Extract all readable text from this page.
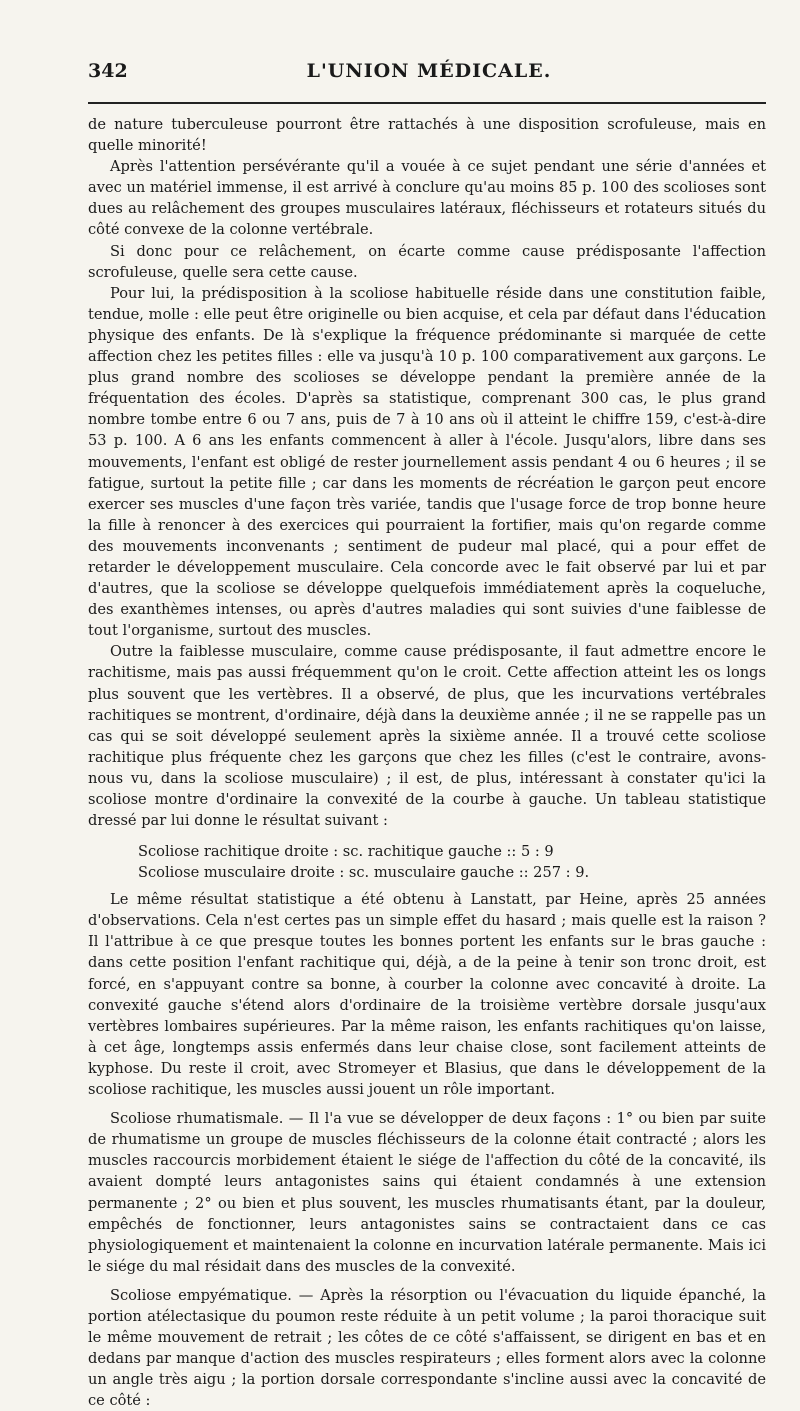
342	L'UNION MÉDICALE.

de nature tuberculeuse pourront être rattachés à une disposition scrofuleuse, mais en quelle minorité!

Après l'attention persévérante qu'il a vouée à ce sujet pendant une série d'années et avec un matériel immense, il est arrivé à conclure qu'au moins 85 p. 100 des scolioses sont dues au relâchement des groupes musculaires latéraux, fléchisseurs et rotateurs situés du côté convexe de la colonne vertébrale.

Si donc pour ce relâchement, on écarte comme cause prédisposante l'affection scrofuleuse, quelle sera cette cause.

Pour lui, la prédisposition à la scoliose habituelle réside dans une constitution faible, tendue, molle : elle peut être originelle ou bien acquise, et cela par défaut dans l'éducation physique des enfants. De là s'explique la fréquence prédominante si marquée de cette affection chez les petites filles : elle va jusqu'à 10 p. 100 comparativement aux garçons. Le plus grand nombre des scolioses se développe pendant la première année de la fréquentation des écoles. D'après sa statistique, comprenant 300 cas, le plus grand nombre tombe entre 6 ou 7 ans, puis de 7 à 10 ans où il atteint le chiffre 159, c'est-à-dire 53 p. 100. A 6 ans les enfants commencent à aller à l'école. Jusqu'alors, libre dans ses mouvements, l'enfant est obligé de rester journellement assis pendant 4 ou 6 heures ; il se fatigue, surtout la petite fille ; car dans les moments de récréation le garçon peut encore exercer ses muscles d'une façon très variée, tandis que l'usage force de trop bonne heure la fille à renoncer à des exercices qui pourraient la fortifier, mais qu'on regarde comme des mouvements inconvenants ; sentiment de pudeur mal placé, qui a pour effet de retarder le développement musculaire. Cela concorde avec le fait observé par lui et par d'autres, que la scoliose se développe quelquefois immédiatement après la coqueluche, des exanthèmes intenses, ou après d'autres maladies qui sont suivies d'une faiblesse de tout l'organisme, surtout des muscles.

Outre la faiblesse musculaire, comme cause prédisposante, il faut admettre encore le rachitisme, mais pas aussi fréquemment qu'on le croit. Cette affection atteint les os longs plus souvent que les vertèbres. Il a observé, de plus, que les incurvations vertébrales rachitiques se montrent, d'ordinaire, déjà dans la deuxième année ; il ne se rappelle pas un cas qui se soit développé seulement après la sixième année. Il a trouvé cette scoliose rachitique plus fréquente chez les garçons que chez les filles (c'est le contraire, avons-nous vu, dans la scoliose musculaire) ; il est, de plus, intéressant à constater qu'ici la scoliose montre d'ordinaire la convexité de la courbe à gauche. Un tableau statistique dressé par lui donne le résultat suivant :

Scoliose rachitique droite : sc. rachitique gauche :: 5 : 9
Scoliose musculaire droite : sc. musculaire gauche :: 257 : 9.

Le même résultat statistique a été obtenu à Lanstatt, par Heine, après 25 années d'observations. Cela n'est certes pas un simple effet du hasard ; mais quelle est la raison ? Il l'attribue à ce que presque toutes les bonnes portent les enfants sur le bras gauche : dans cette position l'enfant rachitique qui, déjà, a de la peine à tenir son tronc droit, est forcé, en s'appuyant contre sa bonne, à courber la colonne avec concavité à droite. La convexité gauche s'étend alors d'ordinaire de la troisième vertèbre dorsale jusqu'aux vertèbres lombaires supérieures. Par la même raison, les enfants rachitiques qu'on laisse, à cet âge, longtemps assis enfermés dans leur chaise close, sont facilement atteints de kyphose. Du reste il croit, avec Stromeyer et Blasius, que dans le développement de la scoliose rachitique, les muscles aussi jouent un rôle important.

Scoliose rhumatismale. — Il l'a vue se développer de deux façons : 1° ou bien par suite de rhumatisme un groupe de muscles fléchisseurs de la colonne était contracté ; alors les muscles raccourcis morbidement étaient le siége de l'affection du côté de la concavité, ils avaient dompté leurs antagonistes sains qui étaient condamnés à une extension permanente ; 2° ou bien et plus souvent, les muscles rhumatisants étant, par la douleur, empêchés de fonctionner, leurs antagonistes sains se contractaient dans ce cas physiologiquement et maintenaient la colonne en incurvation latérale permanente. Mais ici le siége du mal résidait dans des muscles de la convexité.

Scoliose empyématique. — Après la résorption ou l'évacuation du liquide épanché, la portion atélectasique du poumon reste réduite à un petit volume ; la paroi thoracique suit le même mouvement de retrait ; les côtes de ce côté s'affaissent, se dirigent en bas et en dedans par manque d'action des muscles respirateurs ; elles forment alors avec la colonne un angle très aigu ; la portion dorsale correspondante s'incline aussi avec la concavité de ce côté :
